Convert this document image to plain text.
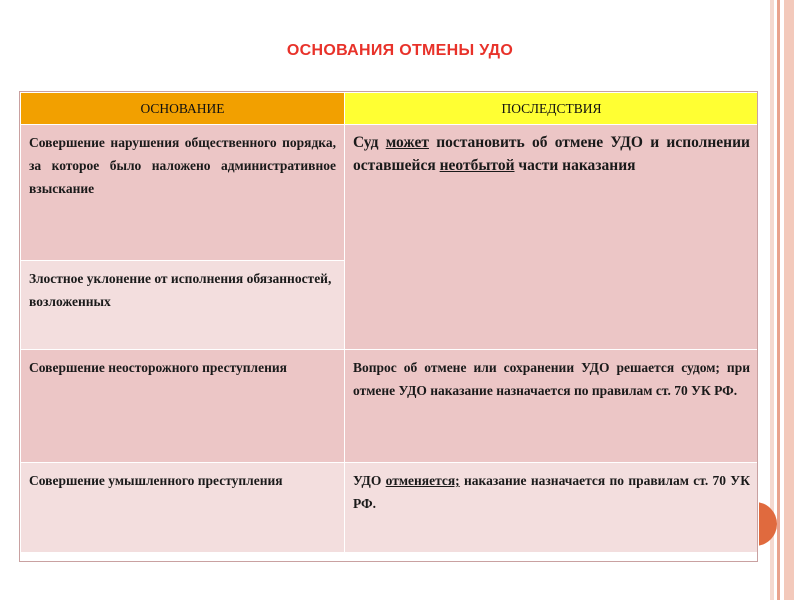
ОСНОВАНИЯ ОТМЕНЫ УДО
ОСНОВАНИЕ	ПОСЛЕДСТВИЯ
Совершение нарушения общественного порядка, за которое было наложено административное взыскание	Суд может постановить об отмене УДО и исполнении оставшейся неотбытой части наказания
Злостное уклонение от исполнения обязанностей, возложенных	
Совершение неосторожного преступления	Вопрос об отмене или сохранении УДО решается судом; при отмене УДО наказание назначается по правилам ст. 70 УК РФ.
Совершение умышленного преступления	УДО отменяется; наказание назначается по правилам ст. 70 УК РФ.
